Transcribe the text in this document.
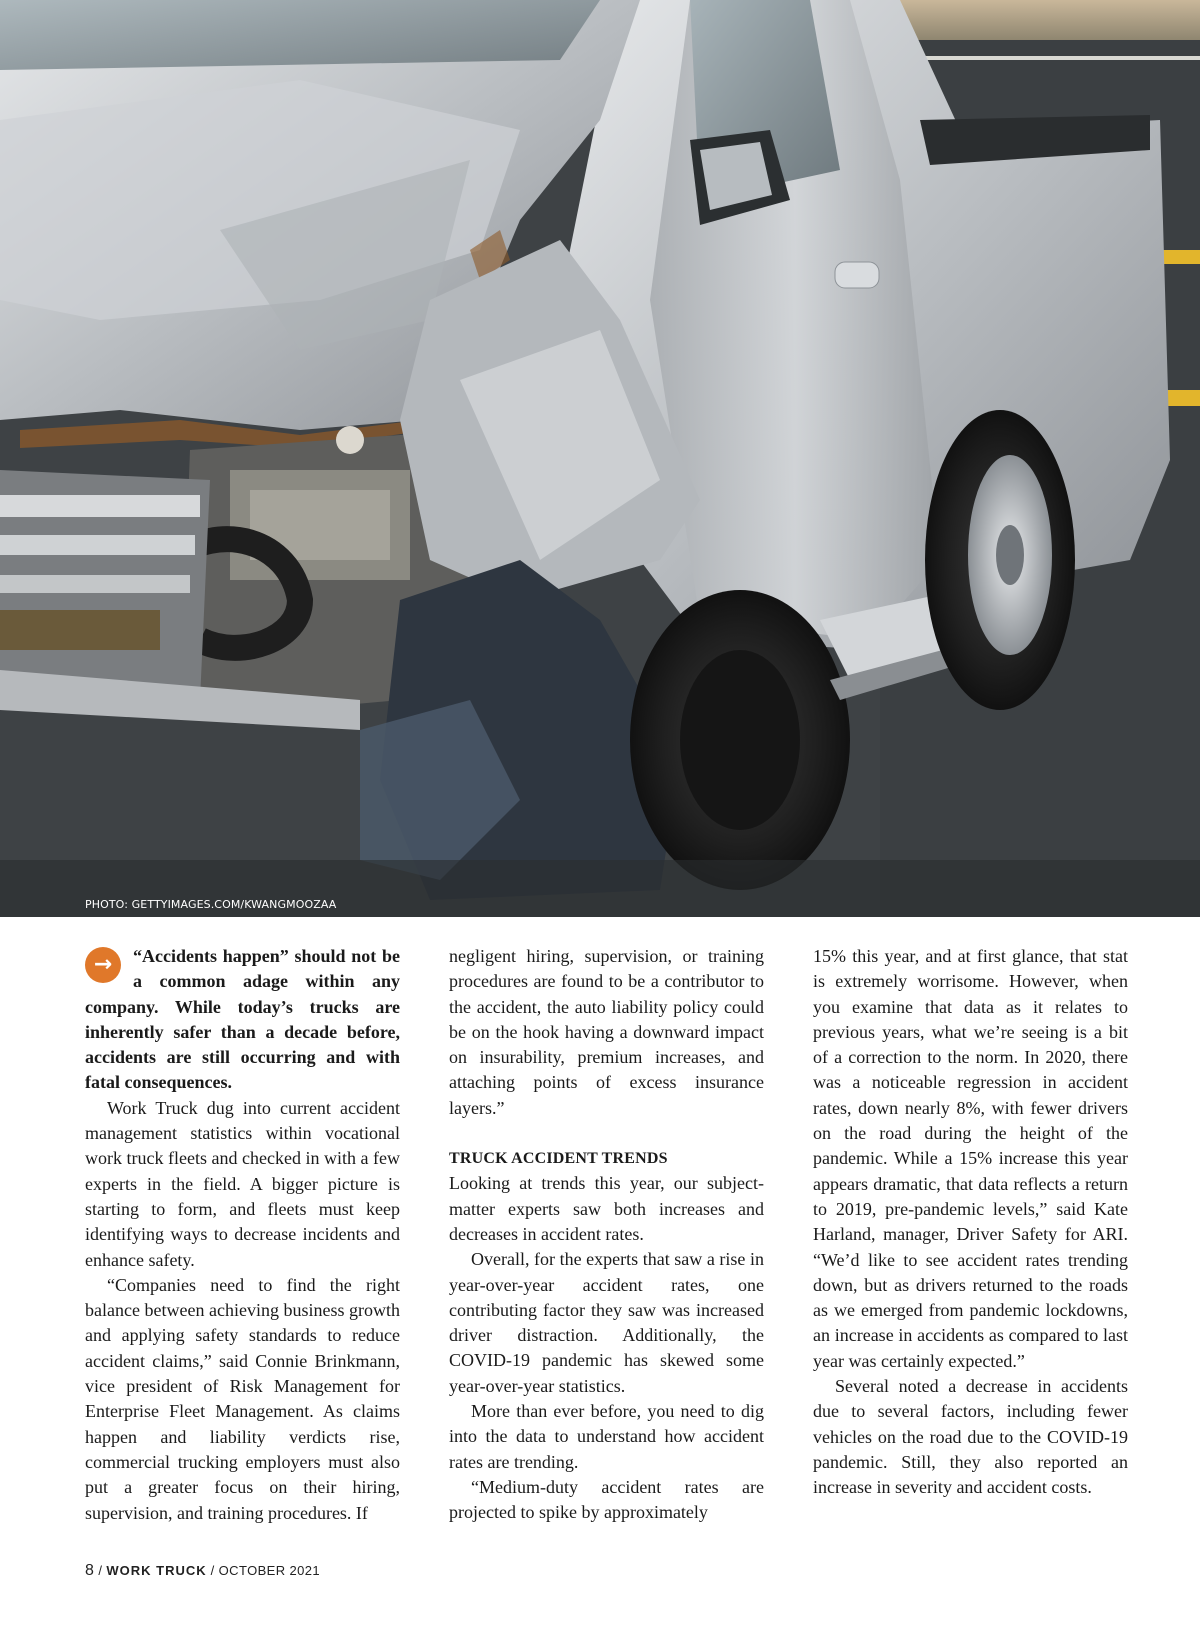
PHOTO: GETTYIMAGES.COM/KWANGMOOZAA

→	“Accidents happen” should not be a common adage within any company. While today’s trucks are inherently safer than a decade before, accidents are still occurring and with fatal consequences.

Work Truck dug into current accident management statistics within vocational work truck fleets and checked in with a few experts in the field. A bigger picture is starting to form, and fleets must keep identifying ways to decrease incidents and enhance safety.

“Companies need to find the right balance between achieving business growth and applying safety standards to reduce accident claims,” said Connie Brinkmann, vice president of Risk Management for Enterprise Fleet Management. As claims happen and liability verdicts rise, commercial trucking employers must also put a greater focus on their hiring, supervision, and training procedures. If

negligent hiring, supervision, or training procedures are found to be a contributor to the accident, the auto liability policy could be on the hook having a downward impact on insurability, premium increases, and attaching points of excess insurance layers.”

TRUCK ACCIDENT TRENDS

Looking at trends this year, our subject-matter experts saw both increases and decreases in accident rates.

Overall, for the experts that saw a rise in year-over-year accident rates, one contributing factor they saw was increased driver distraction. Additionally, the COVID-19 pandemic has skewed some year-over-year statistics.

More than ever before, you need to dig into the data to understand how accident rates are trending.

“Medium-duty accident rates are projected to spike by approximately

15% this year, and at first glance, that stat is extremely worrisome. However, when you examine that data as it relates to previous years, what we’re seeing is a bit of a correction to the norm. In 2020, there was a noticeable regression in accident rates, down nearly 8%, with fewer drivers on the road during the height of the pandemic. While a 15% increase this year appears dramatic, that data reflects a return to 2019, pre-pandemic levels,” said Kate Harland, manager, Driver Safety for ARI. “We’d like to see accident rates trending down, but as drivers returned to the roads as we emerged from pandemic lockdowns, an increase in accidents as compared to last year was certainly expected.”

Several noted a decrease in accidents due to several factors, including fewer vehicles on the road due to the COVID-19 pandemic. Still, they also reported an increase in severity and accident costs.

8 / WORK TRUCK / OCTOBER 2021
